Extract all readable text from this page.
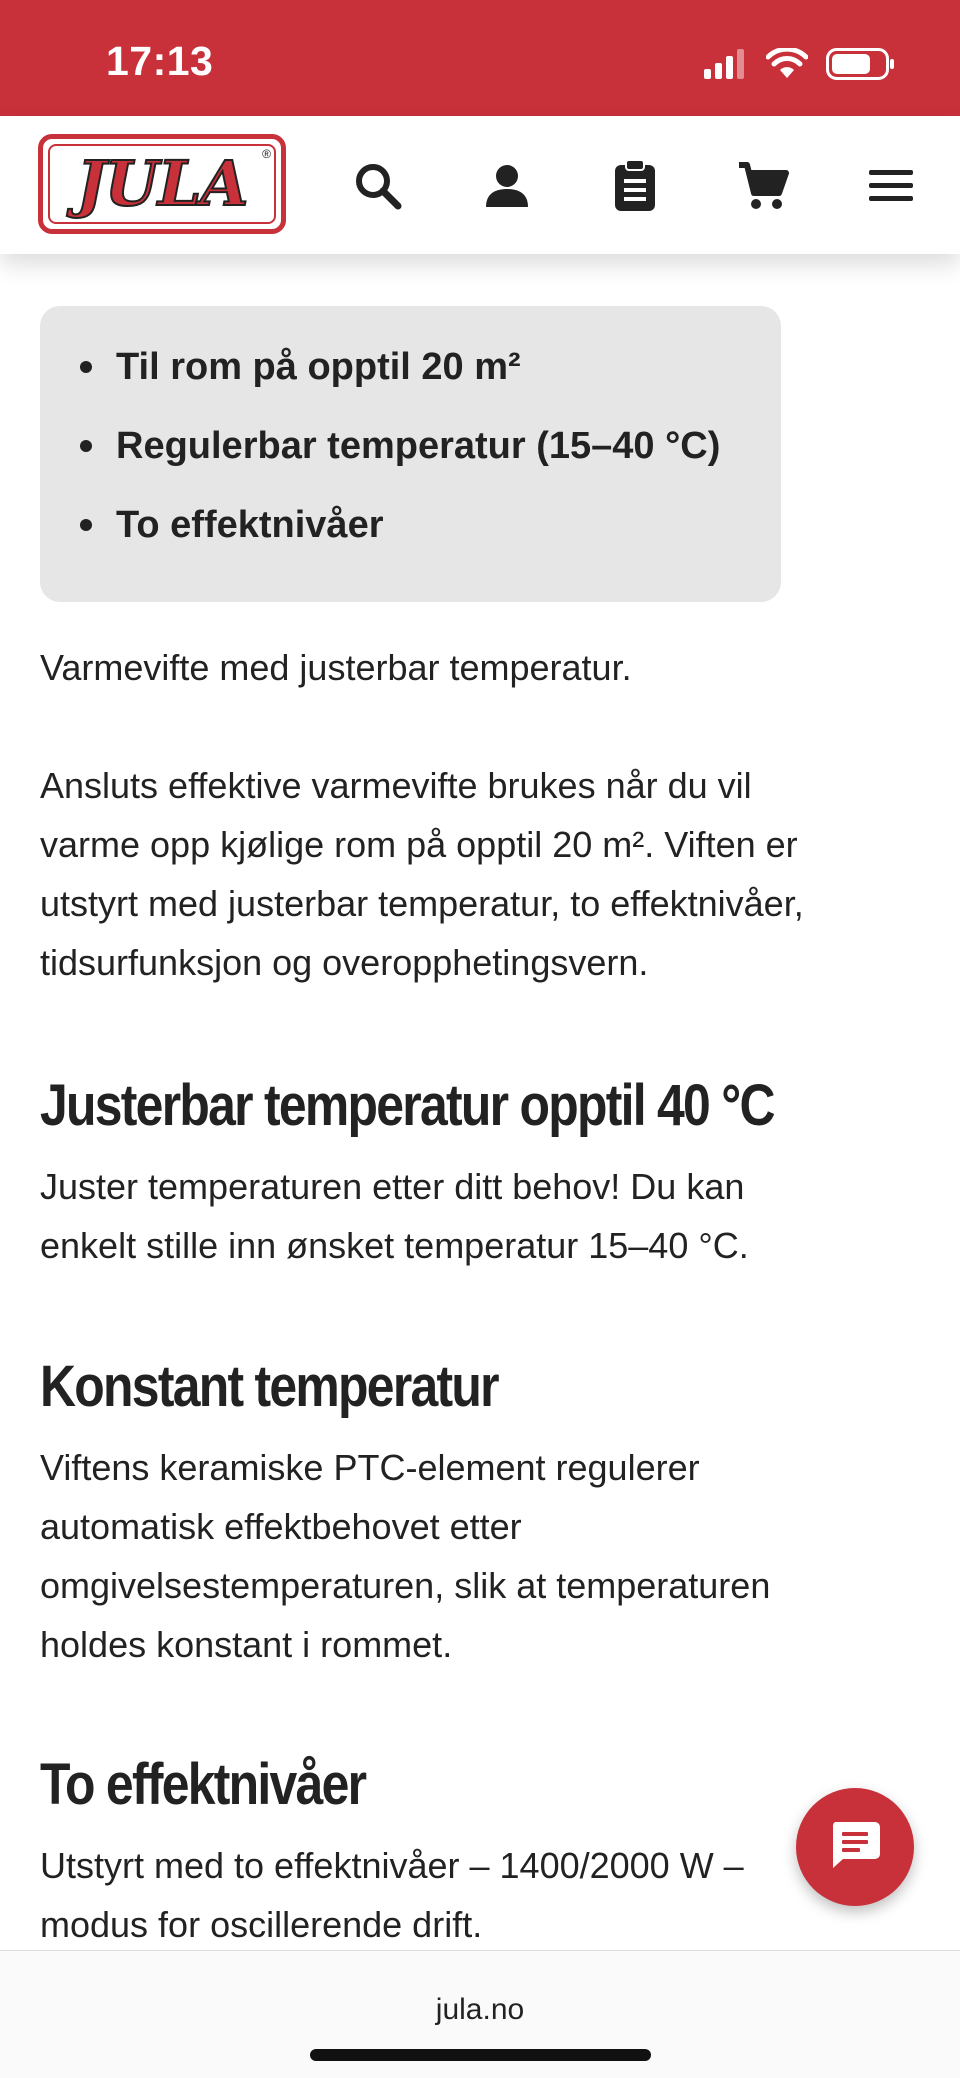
17:13
JULA ®
Til rom på opptil 20 m²
Regulerbar temperatur (15–40 °C)
To effektnivåer

Varmevifte med justerbar temperatur.

Ansluts effektive varmevifte brukes når du vil
varme opp kjølige rom på opptil 20 m². Viften er
utstyrt med justerbar temperatur, to effektnivåer,
tidsurfunksjon og overopphetingsvern.
Justerbar temperatur opptil 40 °C
Juster temperaturen etter ditt behov! Du kan
enkelt stille inn ønsket temperatur 15–40 °C.
Konstant temperatur
Viftens keramiske PTC-element regulerer
automatisk effektbehovet etter
omgivelsestemperaturen, slik at temperaturen
holdes konstant i rommet.
To effektnivåer
Utstyrt med to effektnivåer – 1400/2000 W –
modus for oscillerende drift.
jula.no
